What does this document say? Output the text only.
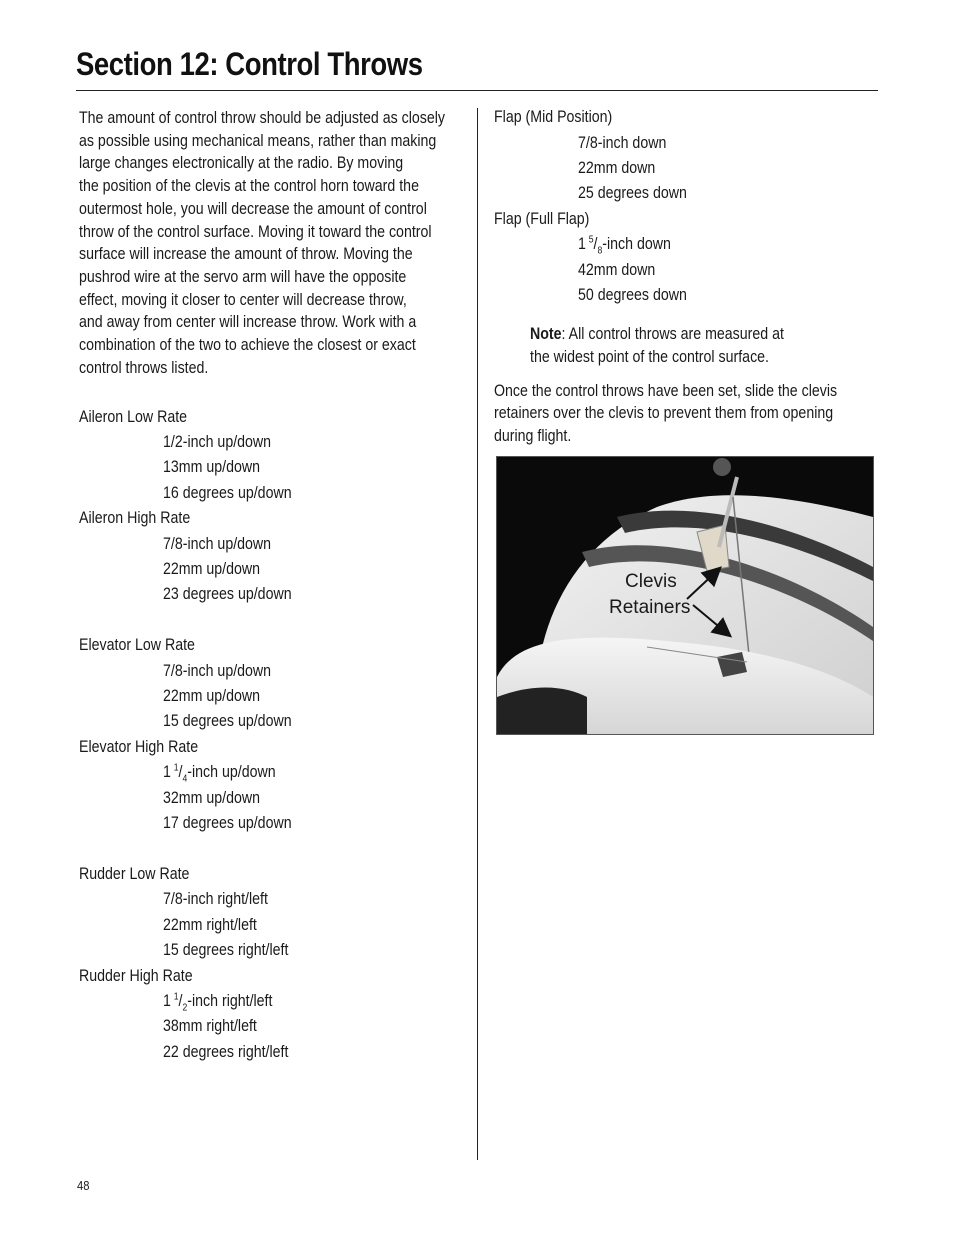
Section 12: Control Throws
The amount of control throw should be adjusted as closely
as possible using mechanical means, rather than making
large changes electronically at the radio. By moving
the position of the clevis at the control horn toward the
outermost hole, you will decrease the amount of control
throw of the control surface. Moving it toward the control
surface will increase the amount of throw. Moving the
pushrod wire at the servo arm will have the opposite
effect, moving it closer to center will decrease throw,
and away from center will increase throw. Work with a
combination of the two to achieve the closest or exact
control throws listed.
Aileron Low Rate
1/2-inch up/down
13mm up/down
16 degrees up/down
Aileron High Rate
7/8-inch up/down
22mm up/down
23 degrees up/down
Elevator Low Rate
7/8-inch up/down
22mm up/down
15 degrees up/down
Elevator High Rate
1  $^1/_4$-inch up/down
32mm up/down
17 degrees up/down
Rudder Low Rate
7/8-inch right/left
22mm right/left
15 degrees right/left
Rudder High Rate
1  $^1/_2$-inch right/left
38mm right/left
22 degrees right/left
Flap (Mid Position)
7/8-inch down
22mm down
25 degrees down
Flap (Full Flap)
1  $^5/_8$-inch down
42mm down
50 degrees down
Note: All control throws are measured at
the widest point of the control surface.
Once the control throws have been set, slide the clevis
retainers over the clevis to prevent them from opening
during flight.
Clevis
Retainers
48
